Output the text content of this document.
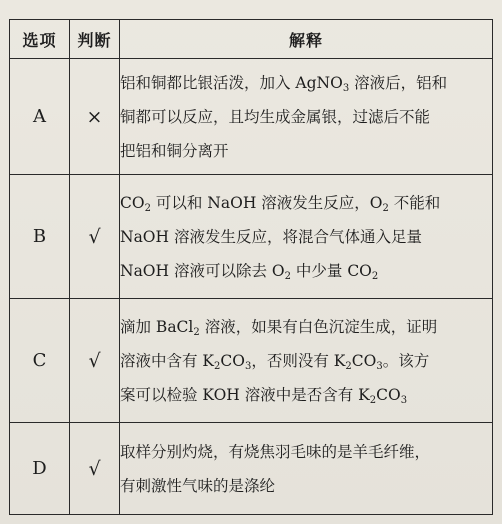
选项	判断	解释
A	×	铝和铜都比银活泼，加入 AgNO$_3$ 溶液后，铝和
铜都可以反应，且均生成金属银，过滤后不能
把铝和铜分离开

B	√	$CO_2$ 可以和 NaOH 溶液发生反应，$O_2$ 不能和
NaOH 溶液发生反应，将混合气体通入足量
NaOH 溶液可以除去 $O_2$ 中少量 $CO_2$

C	√	滴加 BaCl$_2$ 溶液，如果有白色沉淀生成，证明
溶液中含有 $K_2CO_3$，否则没有 $K_2CO_3$。该方
案可以检验 KOH 溶液中是否含有 $K_2CO_3$

D	√	取样分别灼烧，有烧焦羽毛味的是羊毛纤维，
有刺激性气味的是涤纶
